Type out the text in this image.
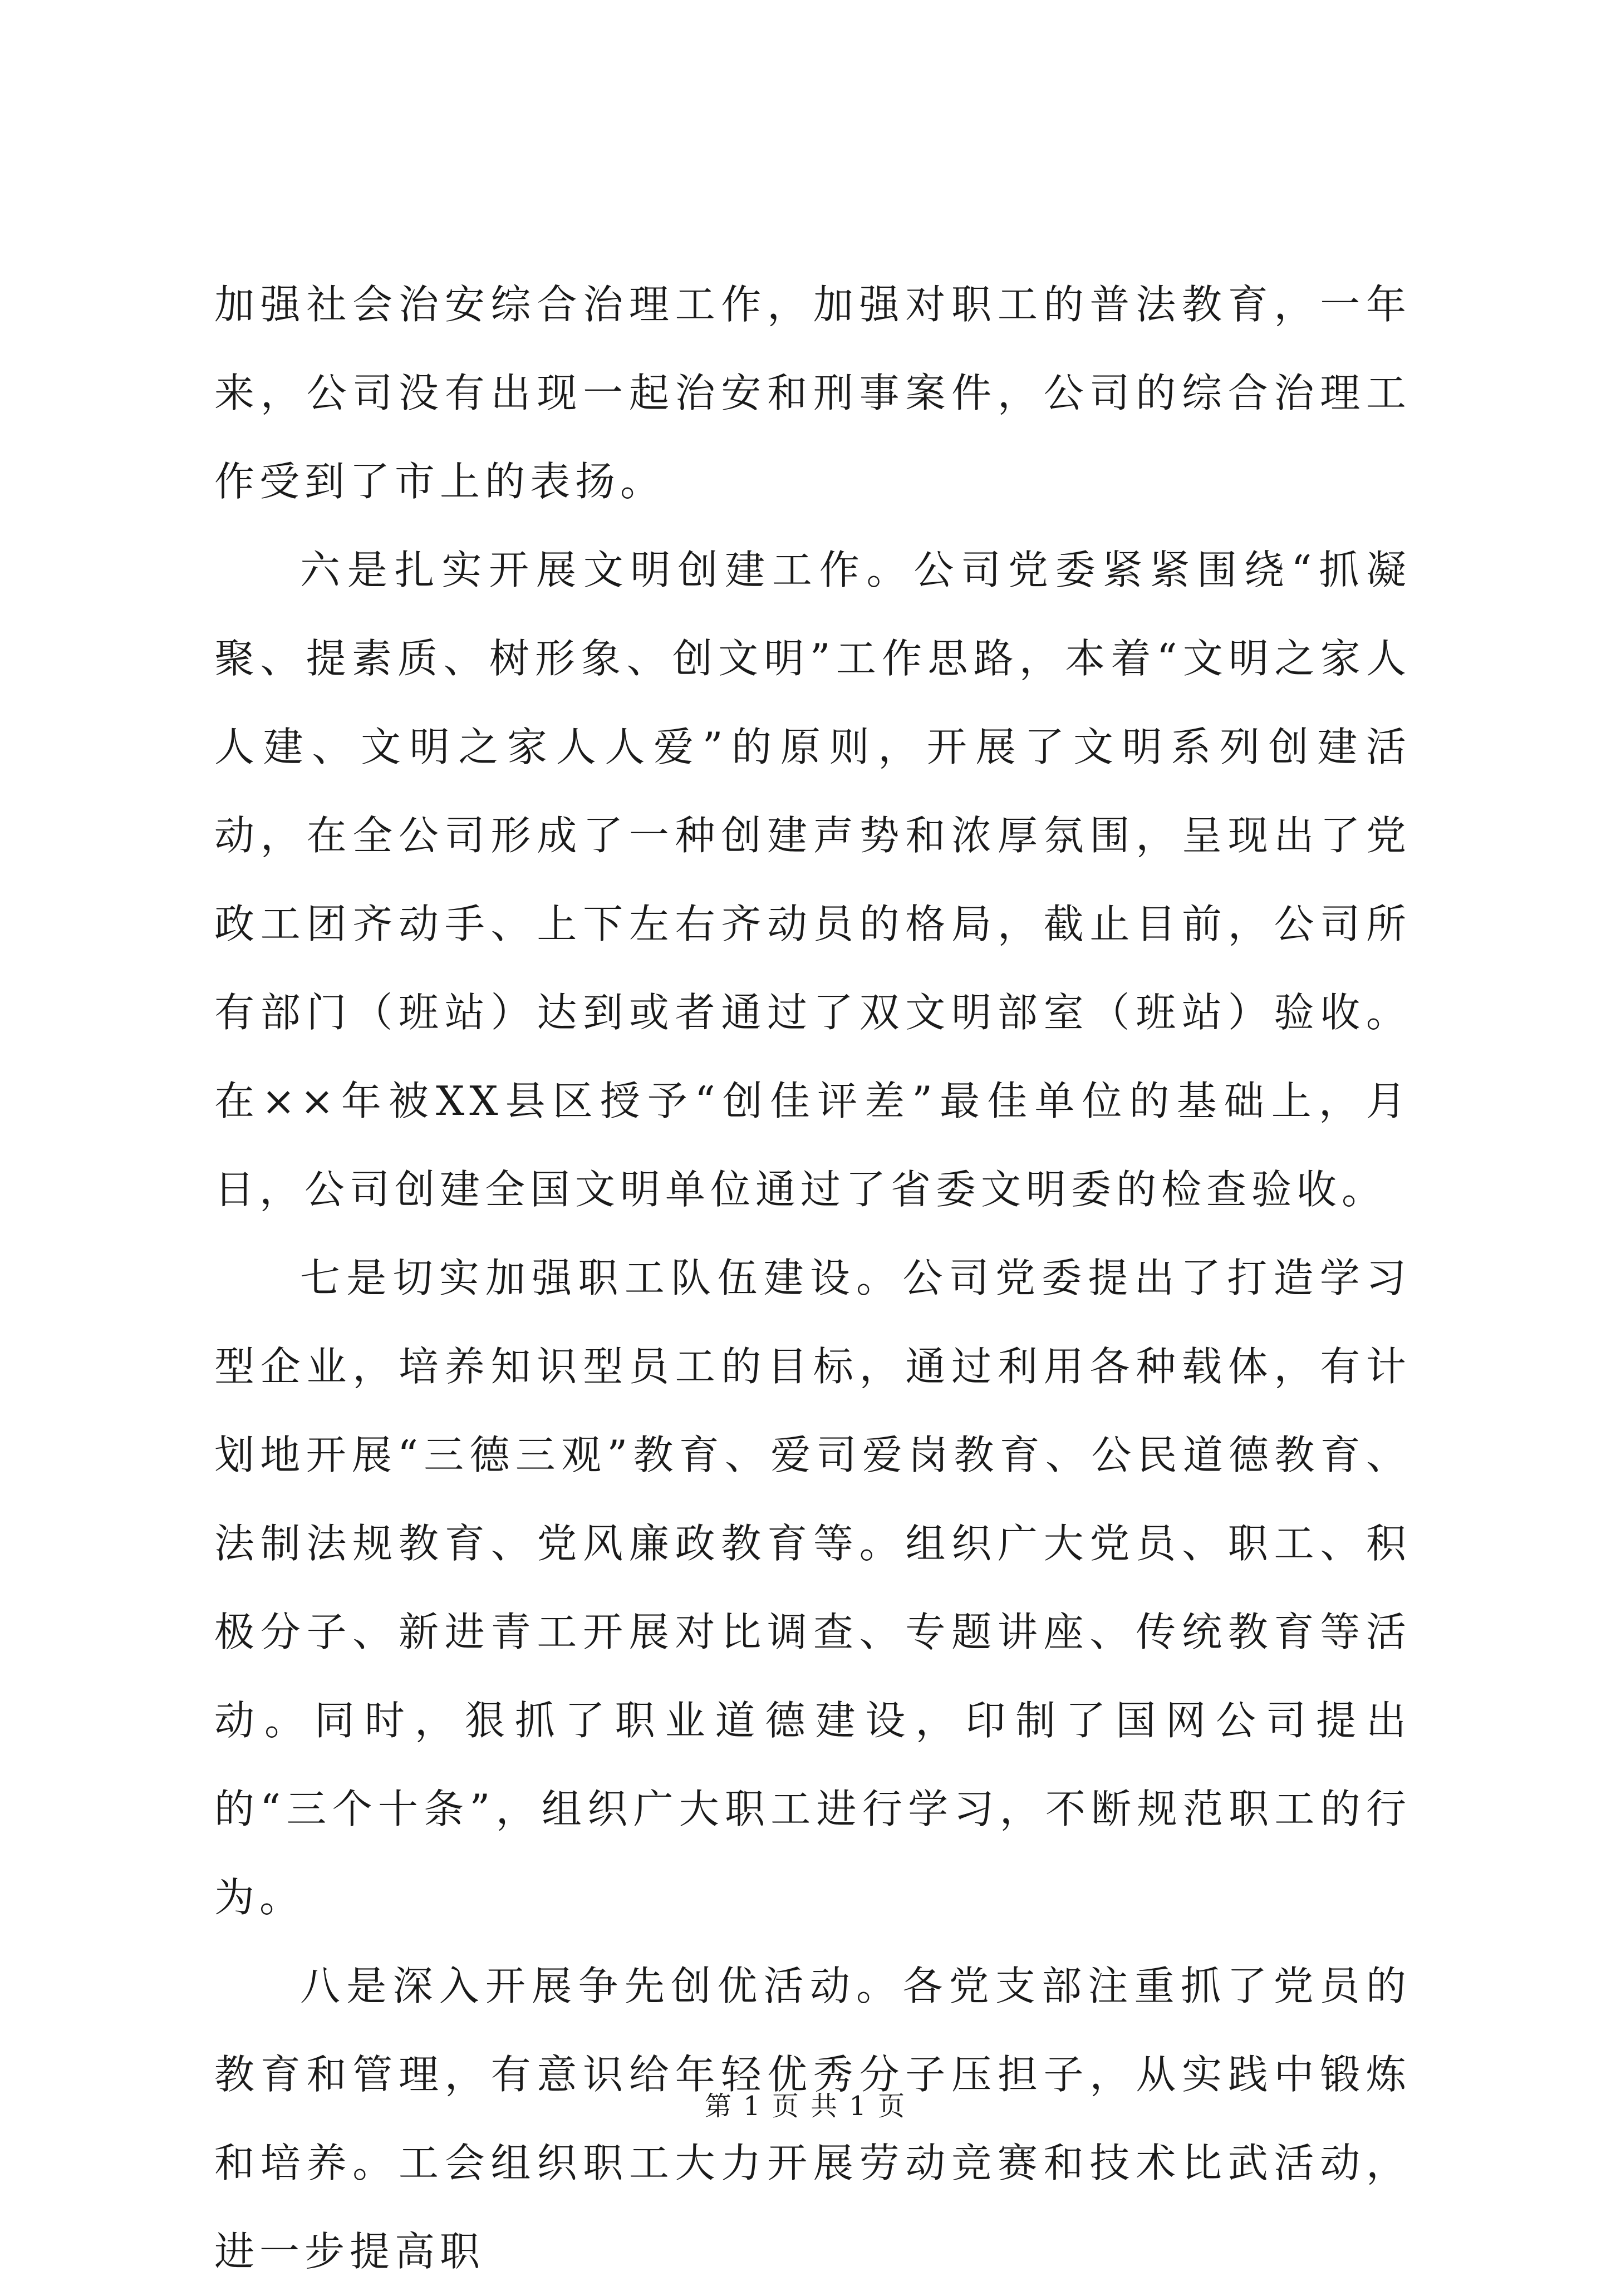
加强社会治安综合治理工作，加强对职工的普法教育，一年来，公司没有出现一起治安和刑事案件，公司的综合治理工作受到了市上的表扬。

六是扎实开展文明创建工作。公司党委紧紧围绕“抓凝聚、提素质、树形象、创文明”工作思路，本着“文明之家人人建、文明之家人人爱”的原则，开展了文明系列创建活动，在全公司形成了一种创建声势和浓厚氛围，呈现出了党政工团齐动手、上下左右齐动员的格局，截止目前，公司所有部门（班站）达到或者通过了双文明部室（班站）验收。在××年被XX县区授予“创佳评差”最佳单位的基础上，月日，公司创建全国文明单位通过了省委文明委的检查验收。

七是切实加强职工队伍建设。公司党委提出了打造学习型企业，培养知识型员工的目标，通过利用各种载体，有计划地开展“三德三观”教育、爱司爱岗教育、公民道德教育、法制法规教育、党风廉政教育等。组织广大党员、职工、积极分子、新进青工开展对比调查、专题讲座、传统教育等活动。同时，狠抓了职业道德建设，印制了国网公司提出的“三个十条”，组织广大职工进行学习，不断规范职工的行为。

八是深入开展争先创优活动。各党支部注重抓了党员的教育和管理，有意识给年轻优秀分子压担子，从实践中锻炼和培养。工会组织职工大力开展劳动竞赛和技术比武活动，进一步提高职

第 1 页 共 1 页
